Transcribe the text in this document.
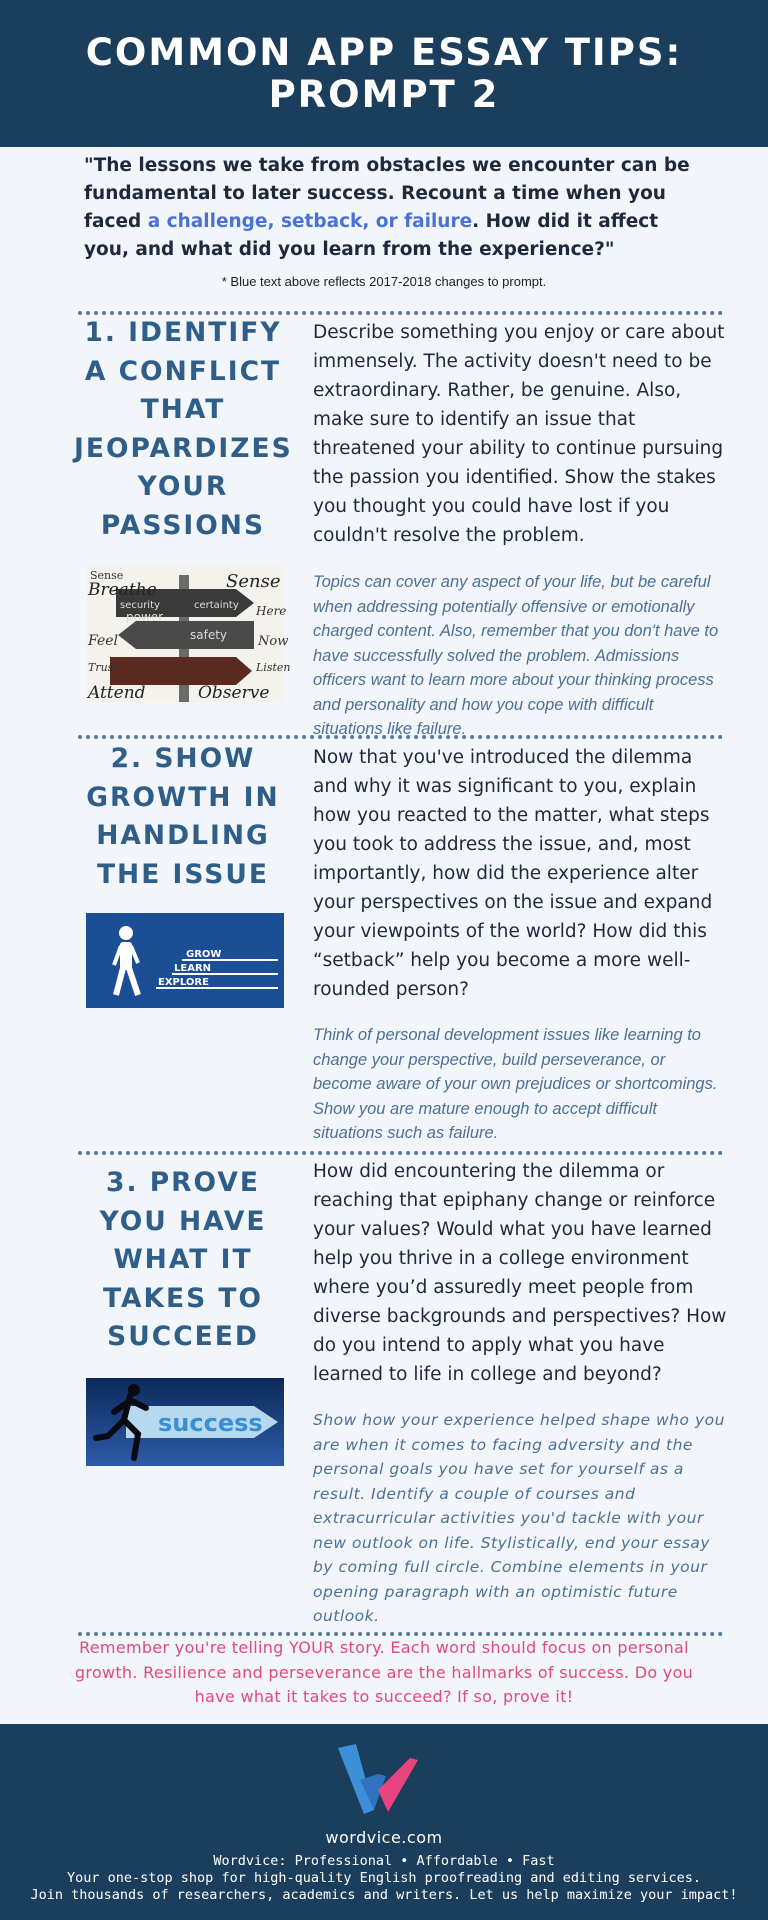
COMMON APP ESSAY TIPS: PROMPT 2
"The lessons we take from obstacles we encounter can be fundamental to later success. Recount a time when you faced a challenge, setback, or failure. How did it affect you, and what did you learn from the experience?"
* Blue text above reflects 2017-2018 changes to prompt.
1. IDENTIFY A CONFLICT THAT JEOPARDIZES YOUR PASSIONS
Describe something you enjoy or care about immensely. The activity doesn't need to be extraordinary. Rather, be genuine. Also, make sure to identify an issue that threatened your ability to continue pursuing the passion you identified. Show the stakes you thought you could have lost if you couldn't resolve the problem.
Topics can cover any aspect of your life, but be careful when addressing potentially offensive or emotionally charged content. Also, remember that you don't have to have successfully solved the problem. Admissions officers want to learn more about your thinking process and personality and how you cope with difficult situations like failure.
Sense
Breathe	Sense
Here
Now
Feel
Trust	Listen
Attend	Observe
security
power
safety
certainty
2. SHOW GROWTH IN HANDLING THE ISSUE
Now that you've introduced the dilemma and why it was significant to you, explain how you reacted to the matter, what steps you took to address the issue, and, most importantly, how did the experience alter your perspectives on the issue and expand your viewpoints of the world? How did this “setback” help you become a more well-rounded person?
Think of personal development issues like learning to change your perspective, build perseverance, or become aware of your own prejudices or shortcomings. Show you are mature enough to accept difficult situations such as failure.
GROW
LEARN
EXPLORE
3. PROVE YOU HAVE WHAT IT TAKES TO SUCCEED
How did encountering the dilemma or reaching that epiphany change or reinforce your values? Would what you have learned help you thrive in a college environment where you’d assuredly meet people from diverse backgrounds and perspectives? How do you intend to apply what you have learned to life in college and beyond?
Show how your experience helped shape who you are when it comes to facing adversity and the personal goals you have set for yourself as a result. Identify a couple of courses and extracurricular activities you'd tackle with your new outlook on life. Stylistically, end your essay by coming full circle. Combine elements in your opening paragraph with an optimistic future outlook.
success
Remember you're telling YOUR story. Each word should focus on personal growth. Resilience and perseverance are the hallmarks of success. Do you have what it takes to succeed? If so, prove it!
wordvice.com
Wordvice: Professional • Affordable • Fast
Your one-stop shop for high-quality English proofreading and editing services.
Join thousands of researchers, academics and writers. Let us help maximize your impact!
